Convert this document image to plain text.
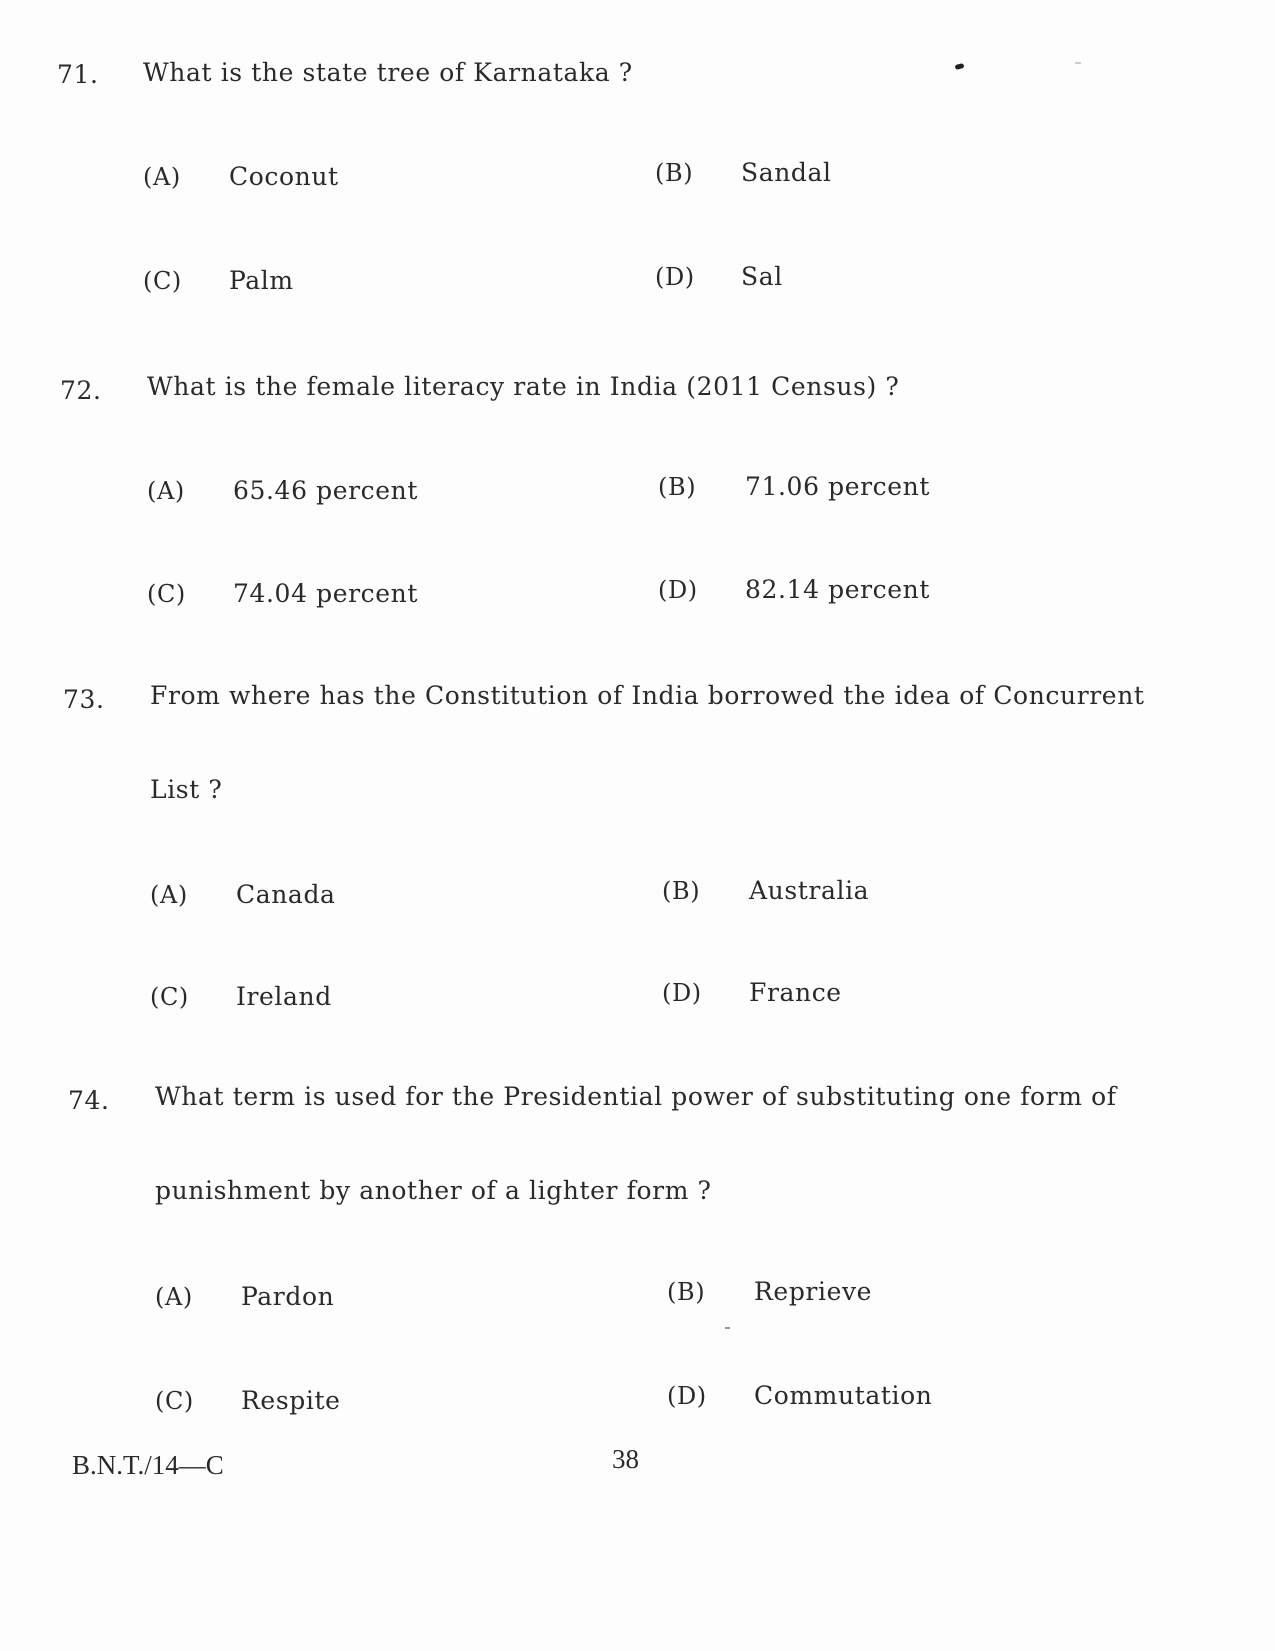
71. What is the state tree of Karnataka ?
(A) Coconut	(B) Sandal
(C) Palm	(D) Sal
72. What is the female literacy rate in India (2011 Census) ?
(A) 65.46 percent	(B) 71.06 percent
(C) 74.04 percent	(D) 82.14 percent
73. From where has the Constitution of India borrowed the idea of Concurrent
List ?
(A) Canada	(B) Australia
(C) Ireland	(D) France
74. What term is used for the Presidential power of substituting one form of
punishment by another of a lighter form ?
(A) Pardon	(B) Reprieve
(C) Respite	(D) Commutation
B.N.T./14—C	38
